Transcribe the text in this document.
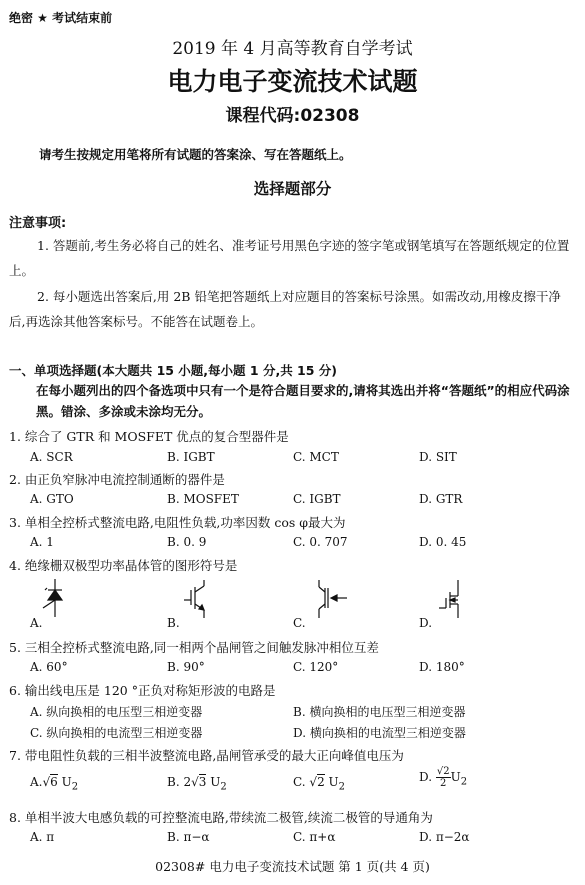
绝密 ★ 考试结束前
2019 年 4 月高等教育自学考试
电力电子变流技术试题
课程代码:02308
请考生按规定用笔将所有试题的答案涂、写在答题纸上。
选择题部分
注意事项:
1. 答题前,考生务必将自己的姓名、准考证号用黑色字迹的签字笔或钢笔填写在答题纸规定的位置上。
2. 每小题选出答案后,用 2B 铅笔把答题纸上对应题目的答案标号涂黑。如需改动,用橡皮擦干净后,再选涂其他答案标号。不能答在试题卷上。
一、单项选择题(本大题共 15 小题,每小题 1 分,共 15 分)
在每小题列出的四个备选项中只有一个是符合题目要求的,请将其选出并将“答题纸”的相应代码涂黑。错涂、多涂或未涂均无分。
1. 综合了 GTR 和 MOSFET 优点的复合型器件是
A. SCR	B. IGBT	C. MCT	D. SIT
2. 由正负窄脉冲电流控制通断的器件是
A. GTO	B. MOSFET	C. IGBT	D. GTR
3. 单相全控桥式整流电路,电阻性负载,功率因数 cos φ最大为
A. 1	B. 0. 9	C. 0. 707	D. 0. 45
4. 绝缘栅双极型功率晶体管的图形符号是
A.	B.	C.	D.
5. 三相全控桥式整流电路,同一相两个晶闸管之间触发脉冲相位互差
A. 60°	B. 90°	C. 120°	D. 180°
6. 输出线电压是 120 °正负对称矩形波的电路是
A. 纵向换相的电压型三相逆变器	B. 横向换相的电压型三相逆变器
C. 纵向换相的电流型三相逆变器	D. 横向换相的电流型三相逆变器
7. 带电阻性负载的三相半波整流电路,晶闸管承受的最大正向峰值电压为
A.√6 $U_2$	B. 2√3 $U_2$	C. √2 $U_2$
D. $\frac{√2}{2}U_2$
8. 单相半波大电感负载的可控整流电路,带续流二极管,续流二极管的导通角为
A. π	B. π−α	C. π+α	D. π−2α
02308# 电力电子变流技术试题 第 1 页(共 4 页)
